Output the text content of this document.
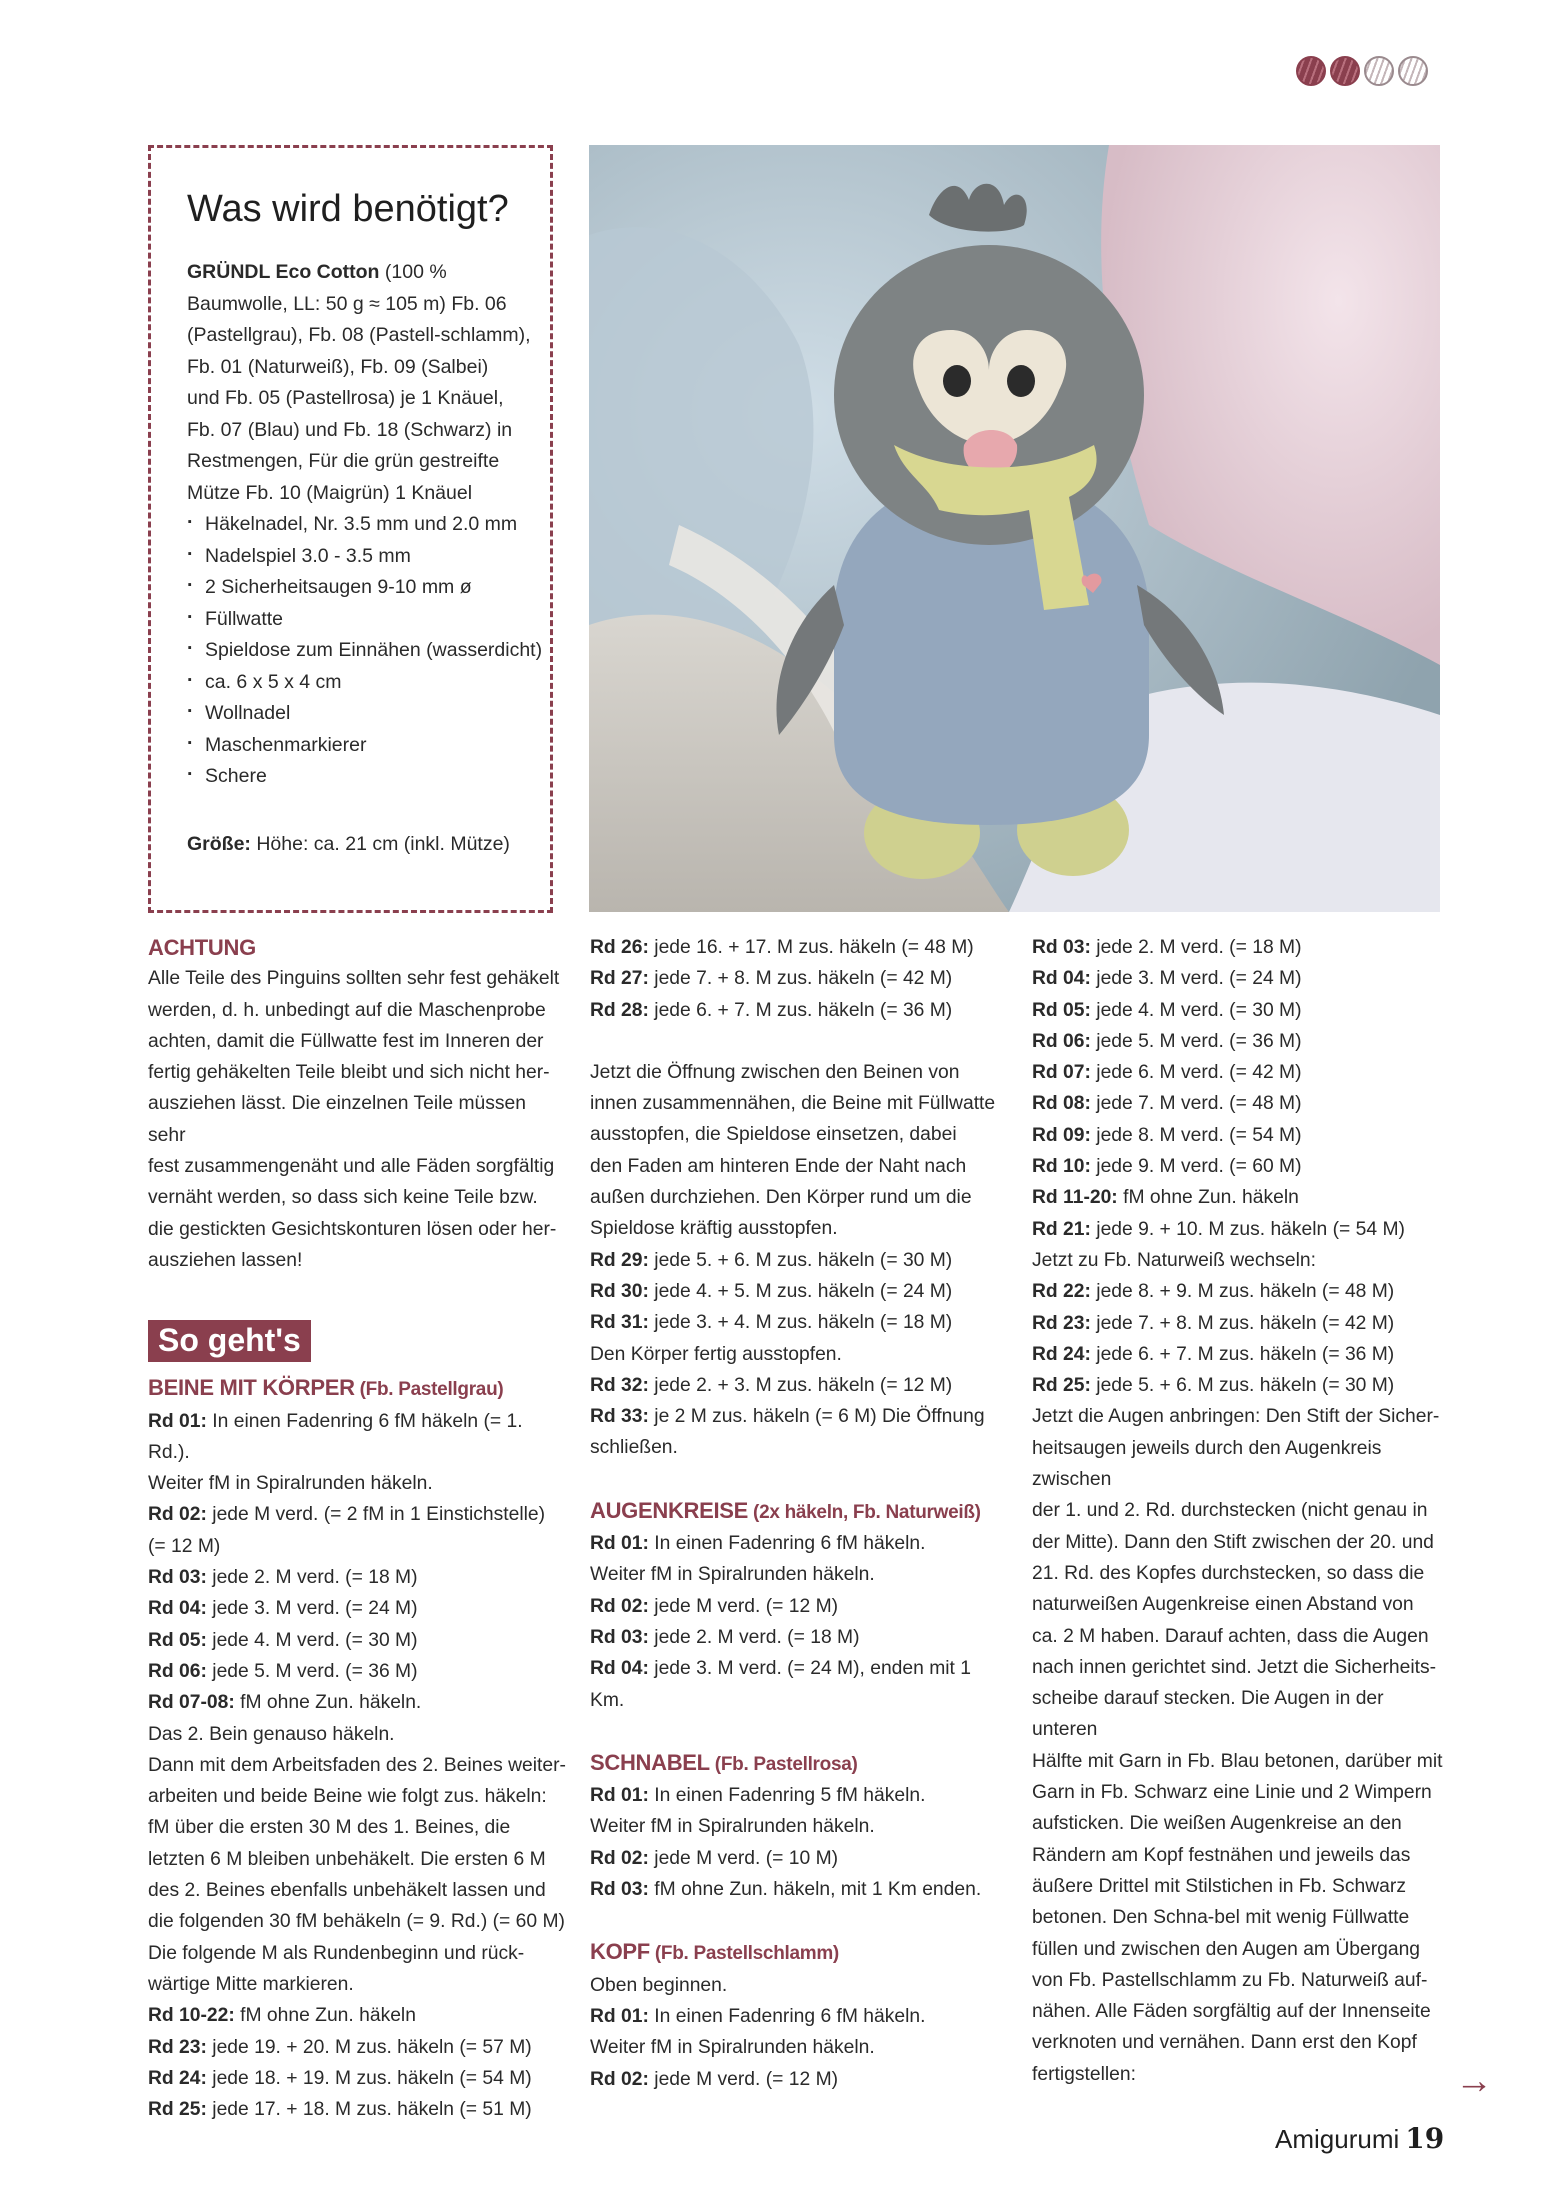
Was wird benötigt?

GRÜNDL Eco Cotton (100 %
Baumwolle, LL: 50 g ≈ 105 m) Fb. 06
(Pastellgrau), Fb. 08 (Pastell-schlamm),
Fb. 01 (Naturweiß), Fb. 09 (Salbei)
und Fb. 05 (Pastellrosa) je 1 Knäuel,
Fb. 07 (Blau) und Fb. 18 (Schwarz) in
Restmengen, Für die grün gestreifte
Mütze Fb. 10 (Maigrün) 1 Knäuel

· Häkelnadel, Nr. 3.5 mm und 2.0 mm
· Nadelspiel 3.0 - 3.5 mm
· 2 Sicherheitsaugen 9-10 mm ø
· Füllwatte
· Spieldose zum Einnähen (wasserdicht)
· ca. 6 x 5 x 4 cm
· Wollnadel
· Maschenmarkierer
· Schere

Größe: Höhe: ca. 21 cm (inkl. Mütze)

ACHTUNG

Alle Teile des Pinguins sollten sehr fest gehäkelt

werden, d. h. unbedingt auf die Maschenprobe

achten, damit die Füllwatte fest im Inneren der

fertig gehäkelten Teile bleibt und sich nicht her-

ausziehen lässt. Die einzelnen Teile müssen sehr

fest zusammengenäht und alle Fäden sorgfältig

vernäht werden, so dass sich keine Teile bzw.

die gestickten Gesichtskonturen lösen oder her-

ausziehen lassen!

So geht's

BEINE MIT KÖRPER (Fb. Pastellgrau)

Rd 01: In einen Fadenring 6 fM häkeln (= 1. Rd.).

Weiter fM in Spiralrunden häkeln.

Rd 02: jede M verd. (= 2 fM in 1 Einstichstelle)

(= 12 M)

Rd 03: jede 2. M verd. (= 18 M)

Rd 04: jede 3. M verd. (= 24 M)

Rd 05: jede 4. M verd. (= 30 M)

Rd 06: jede 5. M verd. (= 36 M)

Rd 07-08: fM ohne Zun. häkeln.

Das 2. Bein genauso häkeln.

Dann mit dem Arbeitsfaden des 2. Beines weiter-

arbeiten und beide Beine wie folgt zus. häkeln:

fM über die ersten 30 M des 1. Beines, die

letzten 6 M bleiben unbehäkelt. Die ersten 6 M

des 2. Beines ebenfalls unbehäkelt lassen und

die folgenden 30 fM behäkeln (= 9. Rd.) (= 60 M)

Die folgende M als Rundenbeginn und rück-

wärtige Mitte markieren.

Rd 10-22: fM ohne Zun. häkeln

Rd 23: jede 19. + 20. M zus. häkeln (= 57 M)

Rd 24: jede 18. + 19. M zus. häkeln (= 54 M)

Rd 25: jede 17. + 18. M zus. häkeln (= 51 M)

Rd 26: jede 16. + 17. M zus. häkeln (= 48 M)

Rd 27: jede 7. + 8. M zus. häkeln (= 42 M)

Rd 28: jede 6. + 7. M zus. häkeln (= 36 M)

Jetzt die Öffnung zwischen den Beinen von

innen zusammennähen, die Beine mit Füllwatte

ausstopfen, die Spieldose einsetzen, dabei

den Faden am hinteren Ende der Naht nach

außen durchziehen. Den Körper rund um die

Spieldose kräftig ausstopfen.

Rd 29: jede 5. + 6. M zus. häkeln (= 30 M)

Rd 30: jede 4. + 5. M zus. häkeln (= 24 M)

Rd 31: jede 3. + 4. M zus. häkeln (= 18 M)

Den Körper fertig ausstopfen.

Rd 32: jede 2. + 3. M zus. häkeln (= 12 M)

Rd 33: je 2 M zus. häkeln (= 6 M) Die Öffnung

schließen.

AUGENKREISE (2x häkeln, Fb. Naturweiß)

Rd 01: In einen Fadenring 6 fM häkeln.

Weiter fM in Spiralrunden häkeln.

Rd 02: jede M verd. (= 12 M)

Rd 03: jede 2. M verd. (= 18 M)

Rd 04: jede 3. M verd. (= 24 M), enden mit 1 Km.

SCHNABEL (Fb. Pastellrosa)

Rd 01: In einen Fadenring 5 fM häkeln.

Weiter fM in Spiralrunden häkeln.

Rd 02: jede M verd. (= 10 M)

Rd 03: fM ohne Zun. häkeln, mit 1 Km enden.

KOPF (Fb. Pastellschlamm)

Oben beginnen.

Rd 01: In einen Fadenring 6 fM häkeln.

Weiter fM in Spiralrunden häkeln.

Rd 02: jede M verd. (= 12 M)

Rd 03: jede 2. M verd. (= 18 M)

Rd 04: jede 3. M verd. (= 24 M)

Rd 05: jede 4. M verd. (= 30 M)

Rd 06: jede 5. M verd. (= 36 M)

Rd 07: jede 6. M verd. (= 42 M)

Rd 08: jede 7. M verd. (= 48 M)

Rd 09: jede 8. M verd. (= 54 M)

Rd 10: jede 9. M verd. (= 60 M)

Rd 11-20: fM ohne Zun. häkeln

Rd 21: jede 9. + 10. M zus. häkeln (= 54 M)

Jetzt zu Fb. Naturweiß wechseln:

Rd 22: jede 8. + 9. M zus. häkeln (= 48 M)

Rd 23: jede 7. + 8. M zus. häkeln (= 42 M)

Rd 24: jede 6. + 7. M zus. häkeln (= 36 M)

Rd 25: jede 5. + 6. M zus. häkeln (= 30 M)

Jetzt die Augen anbringen: Den Stift der Sicher-

heitsaugen jeweils durch den Augenkreis zwischen

der 1. und 2. Rd. durchstecken (nicht genau in

der Mitte). Dann den Stift zwischen der 20. und

21. Rd. des Kopfes durchstecken, so dass die

naturweißen Augenkreise einen Abstand von

ca. 2 M haben. Darauf achten, dass die Augen

nach innen gerichtet sind. Jetzt die Sicherheits-

scheibe darauf stecken. Die Augen in der unteren

Hälfte mit Garn in Fb. Blau betonen, darüber mit

Garn in Fb. Schwarz eine Linie und 2 Wimpern

aufsticken. Die weißen Augenkreise an den

Rändern am Kopf festnähen und jeweils das

äußere Drittel mit Stilstichen in Fb. Schwarz

betonen. Den Schna-bel mit wenig Füllwatte

füllen und zwischen den Augen am Übergang

von Fb. Pastellschlamm zu Fb. Naturweiß auf-

nähen. Alle Fäden sorgfältig auf der Innenseite

verknoten und vernähen. Dann erst den Kopf

fertigstellen:	→
Amigurumi 19
